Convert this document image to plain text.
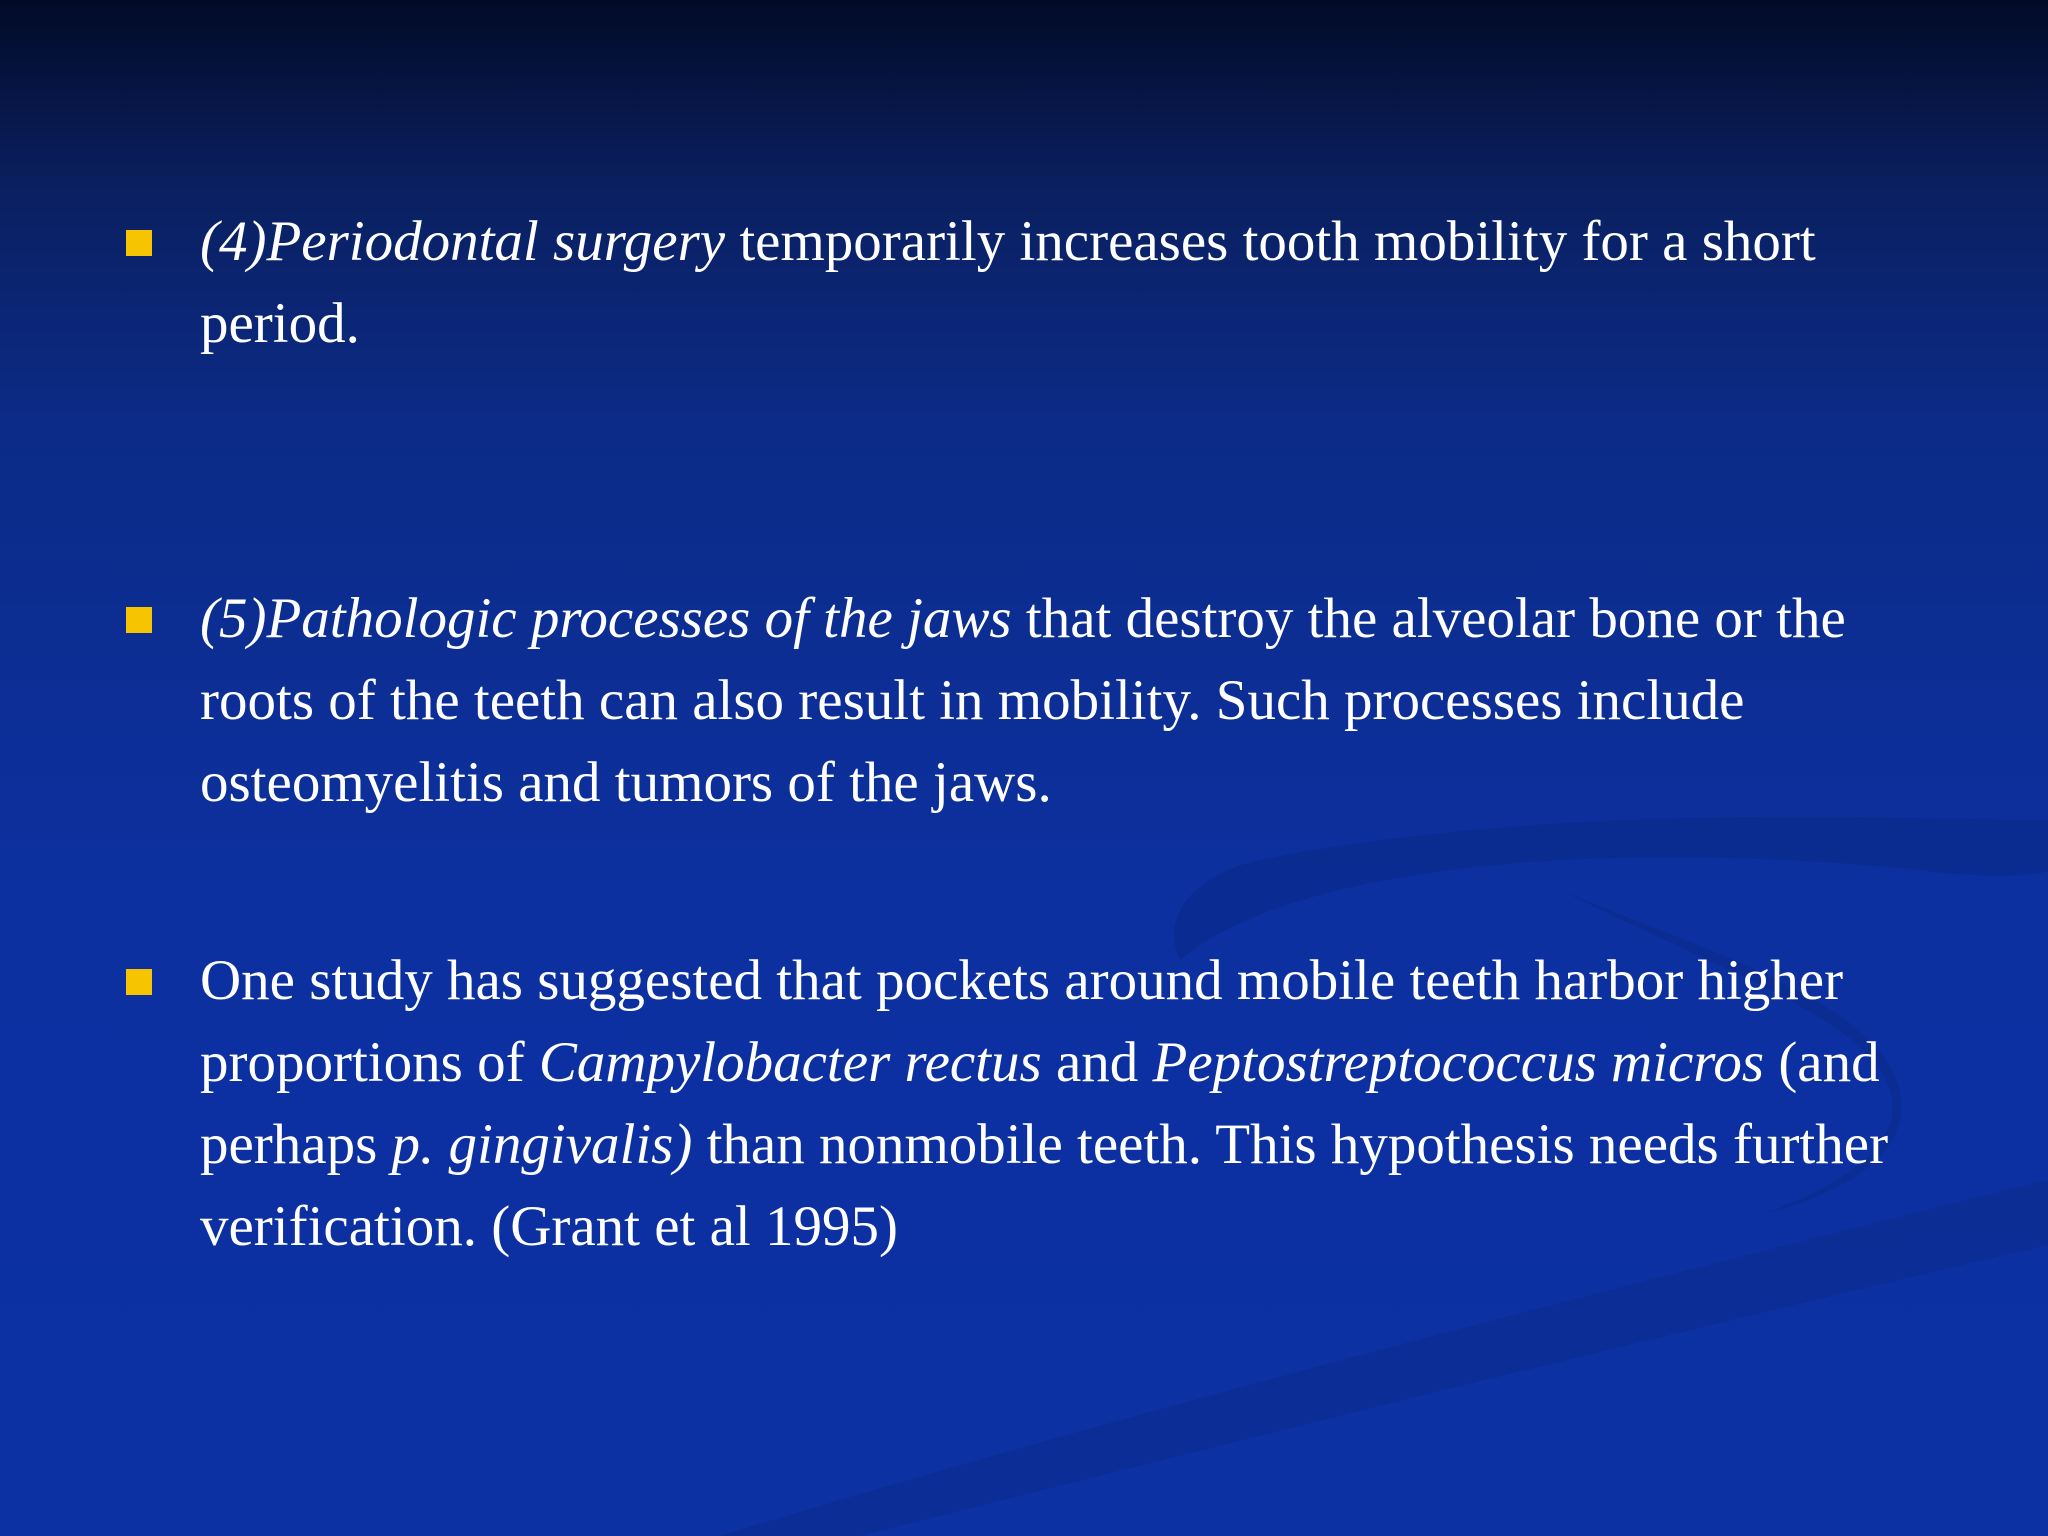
(4)Periodontal surgery temporarily increases tooth mobility for a short period.
(5)Pathologic processes of the jaws that destroy the alveolar bone or the roots of the teeth can also result in mobility. Such processes include osteomyelitis and tumors of the jaws.
One study has suggested that pockets around mobile teeth harbor higher proportions of Campylobacter rectus and Peptostreptococcus micros (and perhaps p. gingivalis) than nonmobile teeth. This hypothesis needs further verification. (Grant et al 1995)
